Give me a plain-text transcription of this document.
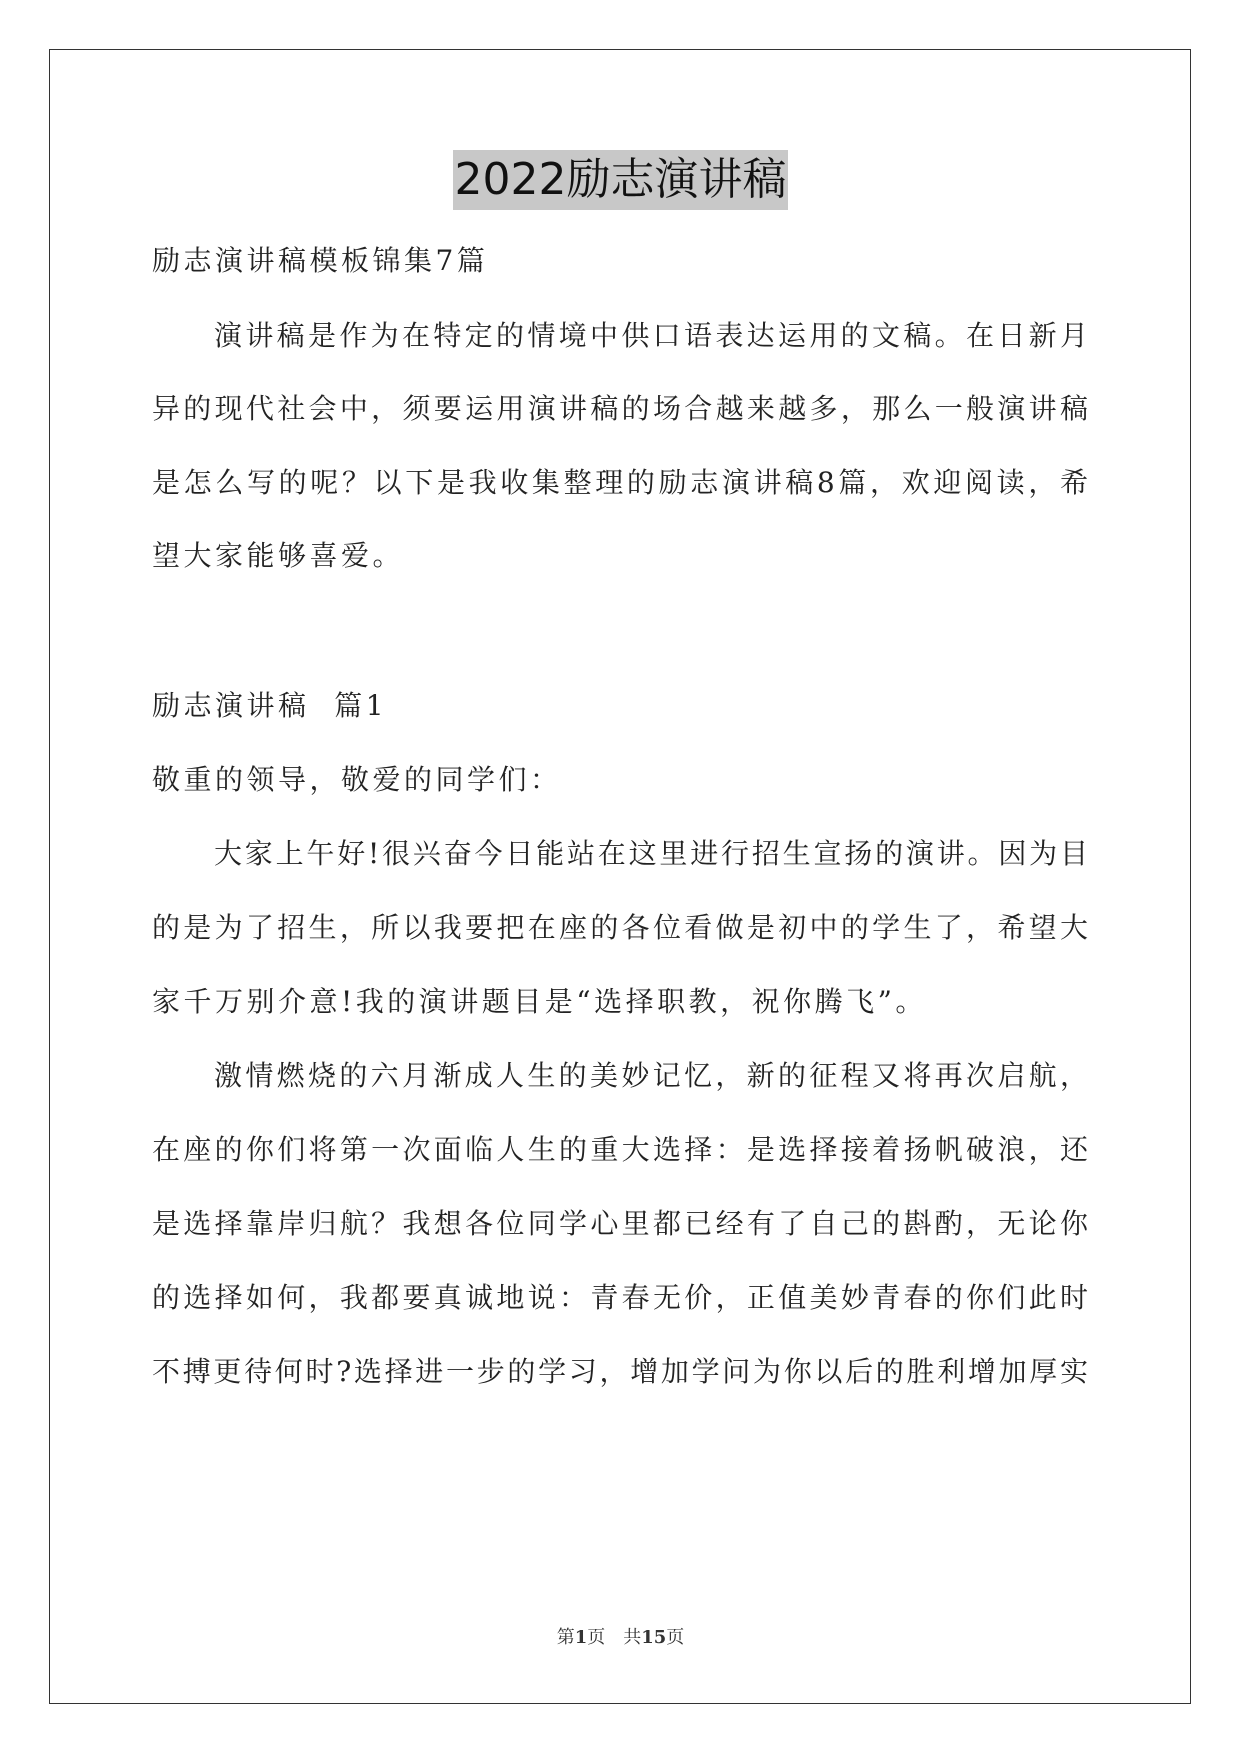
2022励志演讲稿
励志演讲稿模板锦集7篇
演讲稿是作为在特定的情境中供口语表达运用的文稿。在日新月
异的现代社会中，须要运用演讲稿的场合越来越多，那么一般演讲稿
是怎么写的呢？以下是我收集整理的励志演讲稿8篇，欢迎阅读，希
望大家能够喜爱。
励志演讲稿  篇1
敬重的领导，敬爱的同学们：
大家上午好!很兴奋今日能站在这里进行招生宣扬的演讲。因为目
的是为了招生，所以我要把在座的各位看做是初中的学生了，希望大
家千万别介意!我的演讲题目是“选择职教，祝你腾飞”。
激情燃烧的六月渐成人生的美妙记忆，新的征程又将再次启航，
在座的你们将第一次面临人生的重大选择：是选择接着扬帆破浪，还
是选择靠岸归航？我想各位同学心里都已经有了自己的斟酌，无论你
的选择如何，我都要真诚地说：青春无价，正值美妙青春的你们此时
不搏更待何时?选择进一步的学习，增加学问为你以后的胜利增加厚实
第1页　共15页
